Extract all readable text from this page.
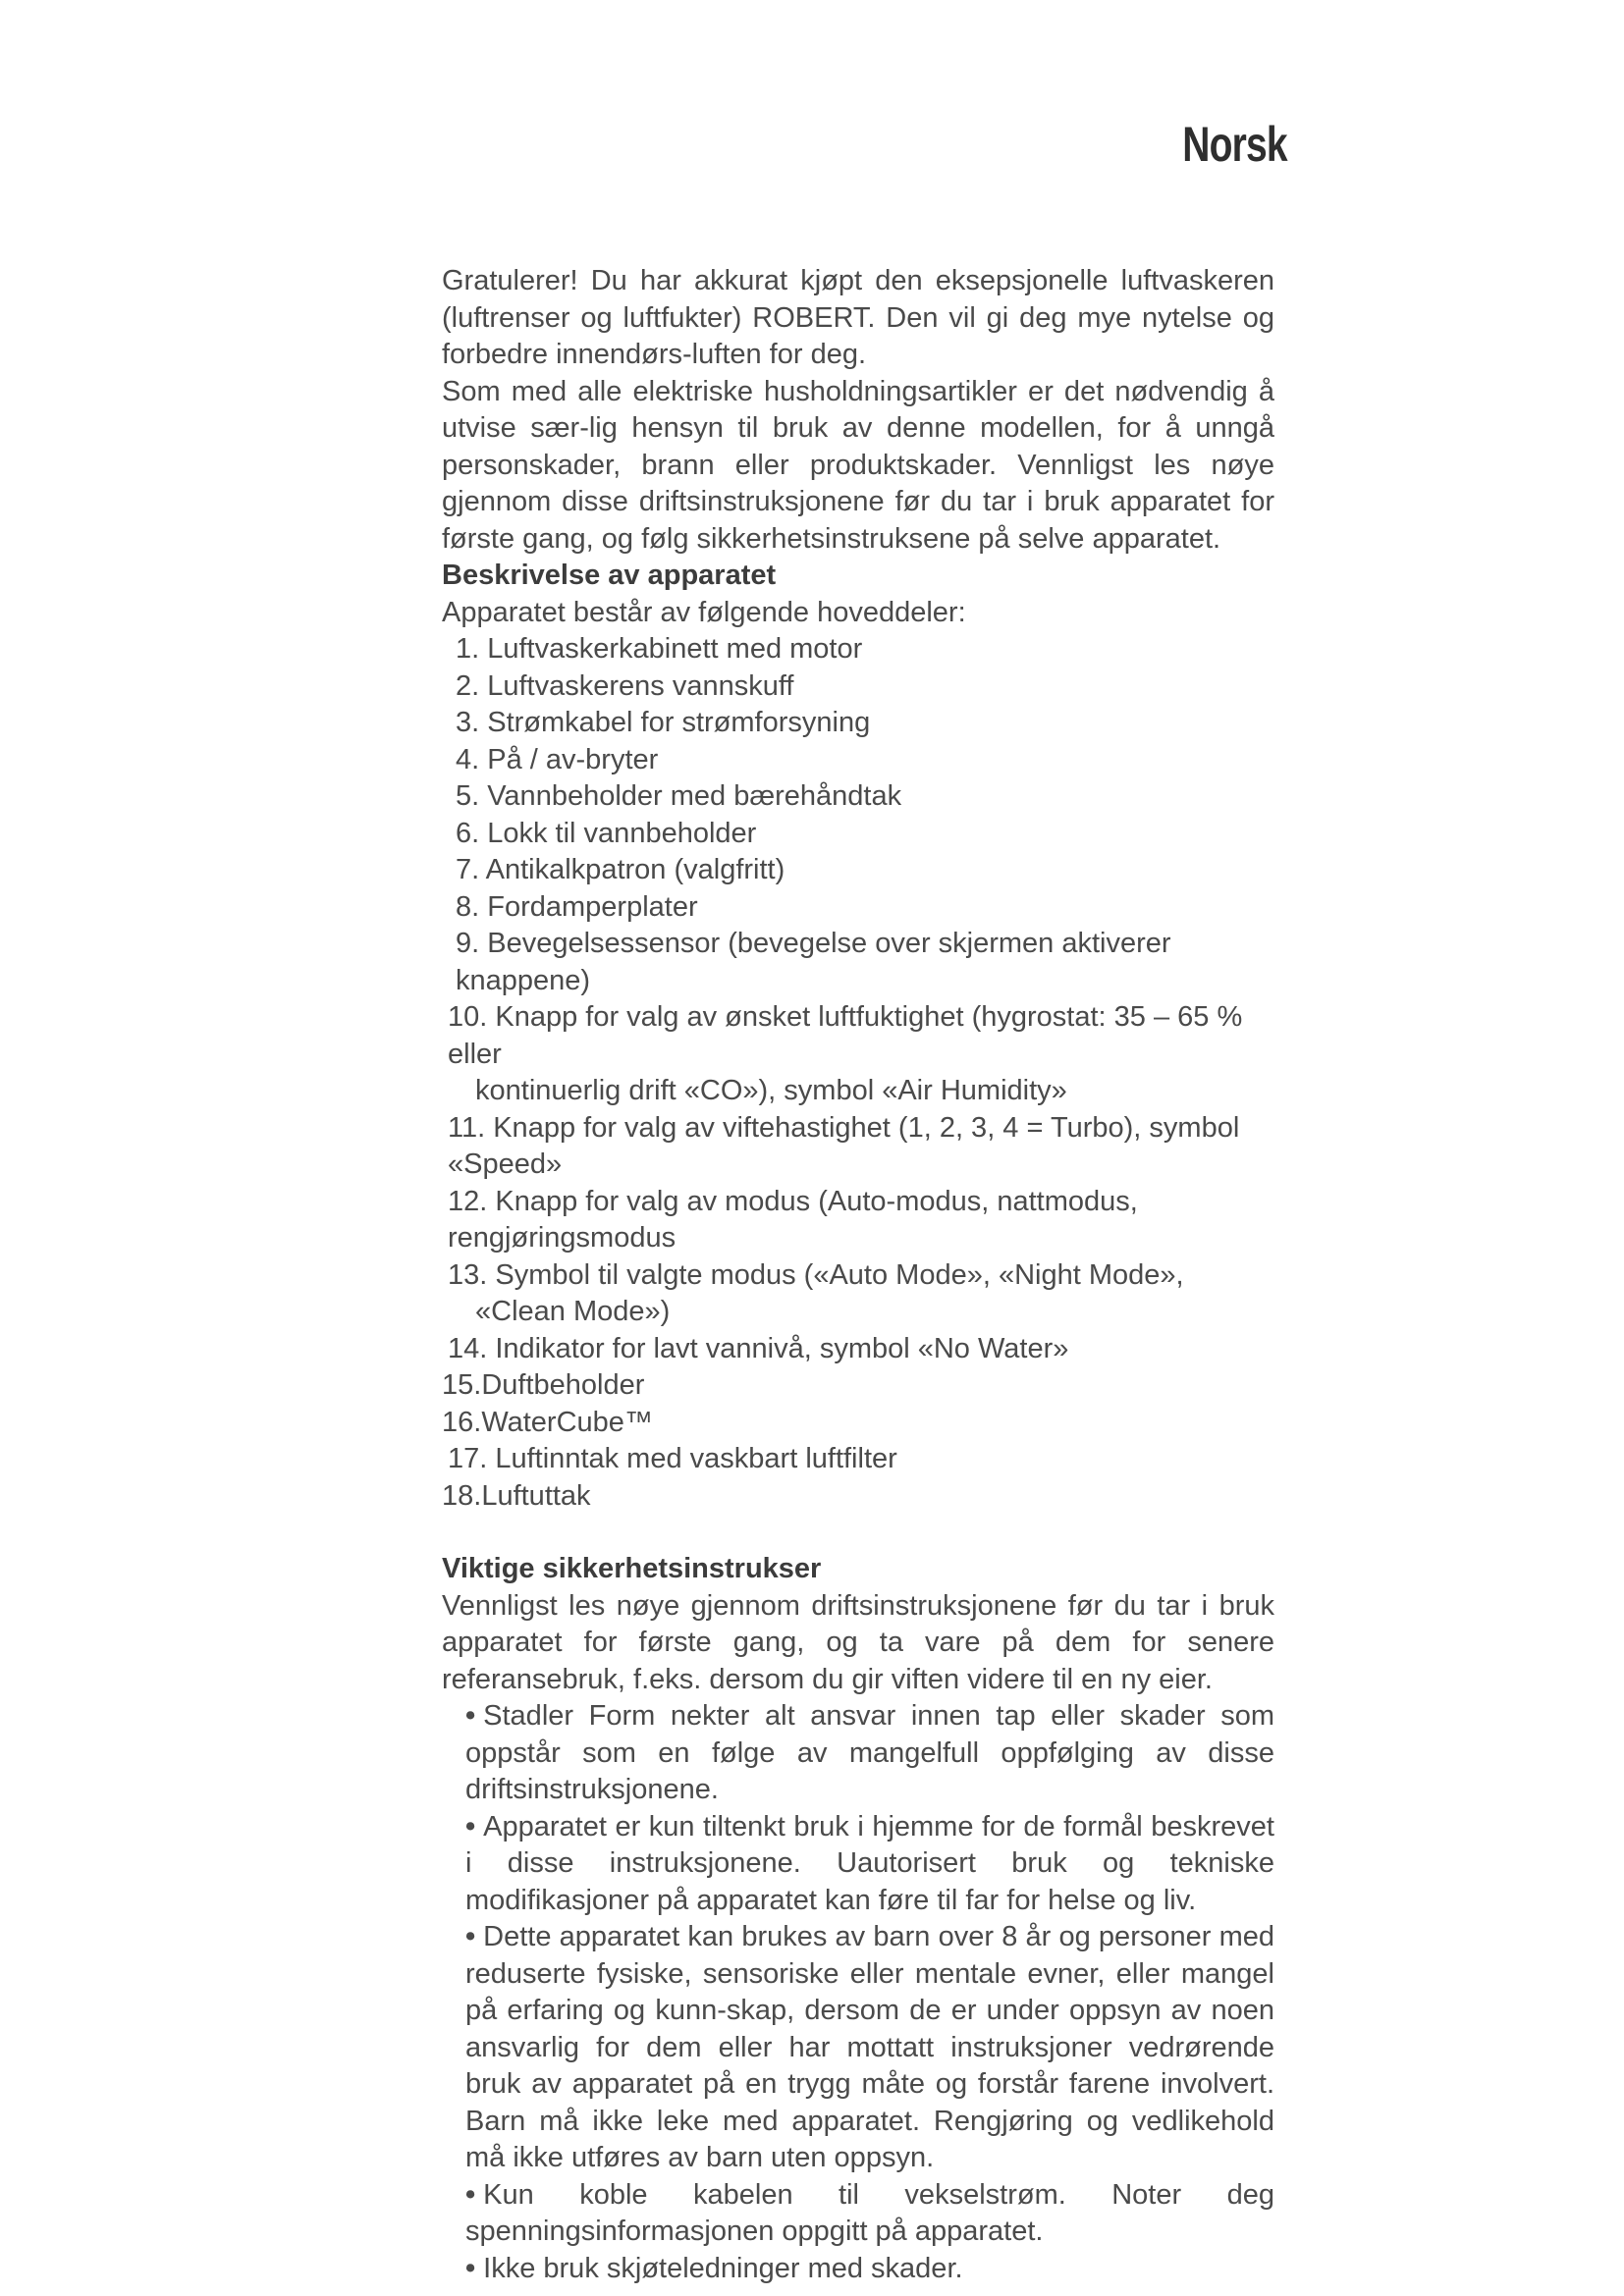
Norsk

Gratulerer! Du har akkurat kjøpt den eksepsjonelle luftvaskeren (luftrenser og luftfukter) ROBERT. Den vil gi deg mye nytelse og forbedre innendørs-luften for deg.

Som med alle elektriske husholdningsartikler er det nødvendig å utvise sær-lig hensyn til bruk av denne modellen, for å unngå personskader, brann eller produktskader. Vennligst les nøye gjennom disse driftsinstruksjonene før du tar i bruk apparatet for første gang, og følg sikkerhetsinstruksene på selve apparatet.

Beskrivelse av apparatet

Apparatet består av følgende hoveddeler:

1. Luftvaskerkabinett med motor
2. Luftvaskerens vannskuff
3. Strømkabel for strømforsyning
4. På / av-bryter
5. Vannbeholder med bærehåndtak
6. Lokk til vannbeholder
7. Antikalkpatron (valgfritt)
8. Fordamperplater
9. Bevegelsessensor (bevegelse over skjermen aktiverer knappene)
10. Knapp for valg av ønsket luftfuktighet (hygrostat: 35 – 65 % eller
kontinuerlig drift «CO»), symbol «Air Humidity»
11. Knapp for valg av viftehastighet (1, 2, 3, 4 = Turbo), symbol «Speed»
12. Knapp for valg av modus (Auto-modus, nattmodus, rengjøringsmodus
13. Symbol til valgte modus («Auto Mode», «Night Mode»,
«Clean Mode»)
14. Indikator for lavt vannivå, symbol «No Water»
15.Duftbeholder
16.WaterCube™
17. Luftinntak med vaskbart luftfilter
18.Luftuttak

Viktige sikkerhetsinstrukser

Vennligst les nøye gjennom driftsinstruksjonene før du tar i bruk apparatet for første gang, og ta vare på dem for senere referansebruk, f.eks. dersom du gir viften videre til en ny eier.

• Stadler Form nekter alt ansvar innen tap eller skader som oppstår som en følge av mangelfull oppfølging av disse driftsinstruksjonene.
• Apparatet er kun tiltenkt bruk i hjemme for de formål beskrevet i disse instruksjonene. Uautorisert bruk og tekniske modifikasjoner på apparatet kan føre til far for helse og liv.
• Dette apparatet kan brukes av barn over 8 år og personer med reduserte fysiske, sensoriske eller mentale evner, eller mangel på erfaring og kunn-skap, dersom de er under oppsyn av noen ansvarlig for dem eller har mottatt instruksjoner vedrørende bruk av apparatet på en trygg måte og forstår farene involvert. Barn må ikke leke med apparatet. Rengjøring og vedlikehold må ikke utføres av barn uten oppsyn.
• Kun koble kabelen til vekselstrøm. Noter deg spenningsinformasjonen oppgitt på apparatet.
• Ikke bruk skjøteledninger med skader.
